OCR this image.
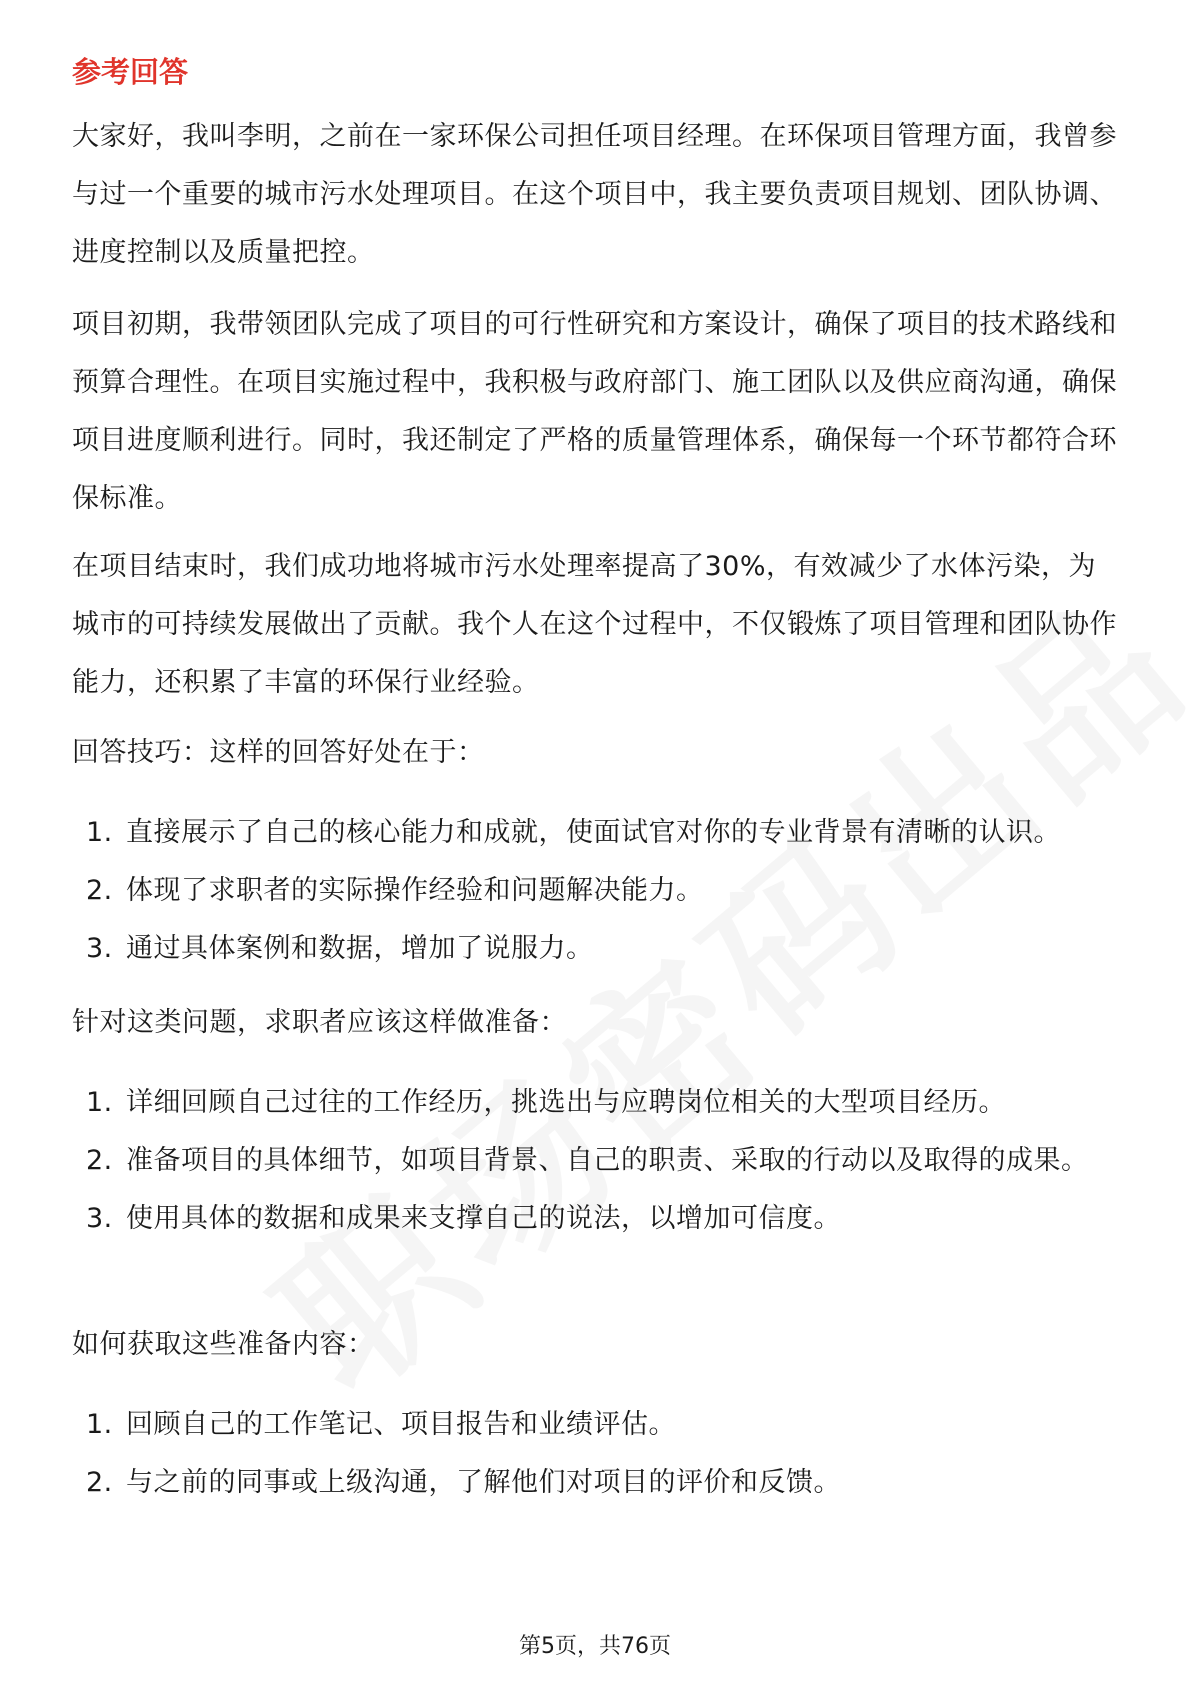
参考回答

大家好，我叫李明，之前在一家环保公司担任项目经理。在环保项目管理方面，我曾参与过一个重要的城市污水处理项目。在这个项目中，我主要负责项目规划、团队协调、进度控制以及质量把控。

项目初期，我带领团队完成了项目的可行性研究和方案设计，确保了项目的技术路线和预算合理性。在项目实施过程中，我积极与政府部门、施工团队以及供应商沟通，确保项目进度顺利进行。同时，我还制定了严格的质量管理体系，确保每一个环节都符合环保标准。

在项目结束时，我们成功地将城市污水处理率提高了30%，有效减少了水体污染，为城市的可持续发展做出了贡献。我个人在这个过程中，不仅锻炼了项目管理和团队协作能力，还积累了丰富的环保行业经验。

回答技巧：这样的回答好处在于：

1. 直接展示了自己的核心能力和成就，使面试官对你的专业背景有清晰的认识。
2. 体现了求职者的实际操作经验和问题解决能力。
3. 通过具体案例和数据，增加了说服力。

针对这类问题，求职者应该这样做准备：

1. 详细回顾自己过往的工作经历，挑选出与应聘岗位相关的大型项目经历。
2. 准备项目的具体细节，如项目背景、自己的职责、采取的行动以及取得的成果。
3. 使用具体的数据和成果来支撑自己的说法，以增加可信度。

如何获取这些准备内容：

1. 回顾自己的工作笔记、项目报告和业绩评估。
2. 与之前的同事或上级沟通，了解他们对项目的评价和反馈。
第5页，共76页
